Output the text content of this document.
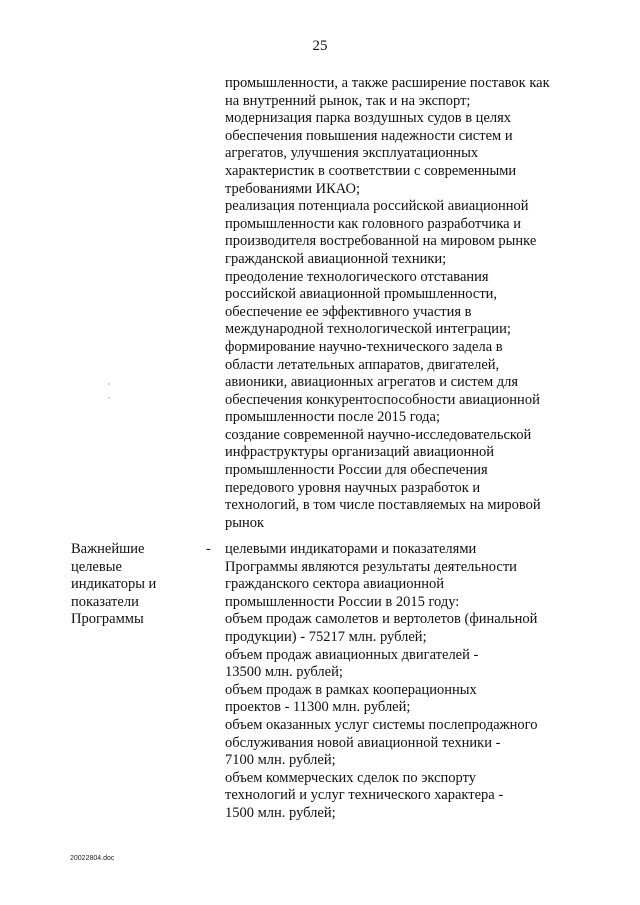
25
промышленности, а также расширение поставок как
на внутренний рынок, так и на экспорт;
модернизация парка воздушных судов в целях
обеспечения повышения надежности систем и
агрегатов, улучшения эксплуатационных
характеристик в соответствии с современными
требованиями ИКАО;
реализация потенциала российской авиационной
промышленности как головного разработчика и
производителя востребованной на мировом рынке
гражданской авиационной техники;
преодоление технологического отставания
российской авиационной промышленности,
обеспечение ее эффективного участия в
международной технологической интеграции;
формирование научно-технического задела в
области летательных аппаратов, двигателей,
авионики, авиационных агрегатов и систем для
обеспечения конкурентоспособности авиационной
промышленности после 2015 года;
создание современной научно-исследовательской
инфраструктуры организаций авиационной
промышленности России для обеспечения
передового уровня научных разработок и
технологий, в том числе поставляемых на мировой
рынок
Важнейшие
целевые
индикаторы и
показатели
Программы
- целевыми индикаторами и показателями
Программы являются результаты деятельности
гражданского сектора авиационной
промышленности России в 2015 году:
объем продаж самолетов и вертолетов (финальной
продукции) - 75217 млн. рублей;
объем продаж авиационных двигателей -
13500 млн. рублей;
объем продаж в рамках кооперационных
проектов - 11300 млн. рублей;
объем оказанных услуг системы послепродажного
обслуживания новой авиационной техники -
7100 млн. рублей;
объем коммерческих сделок по экспорту
технологий и услуг технического характера -
1500 млн. рублей;
20022804.doc
